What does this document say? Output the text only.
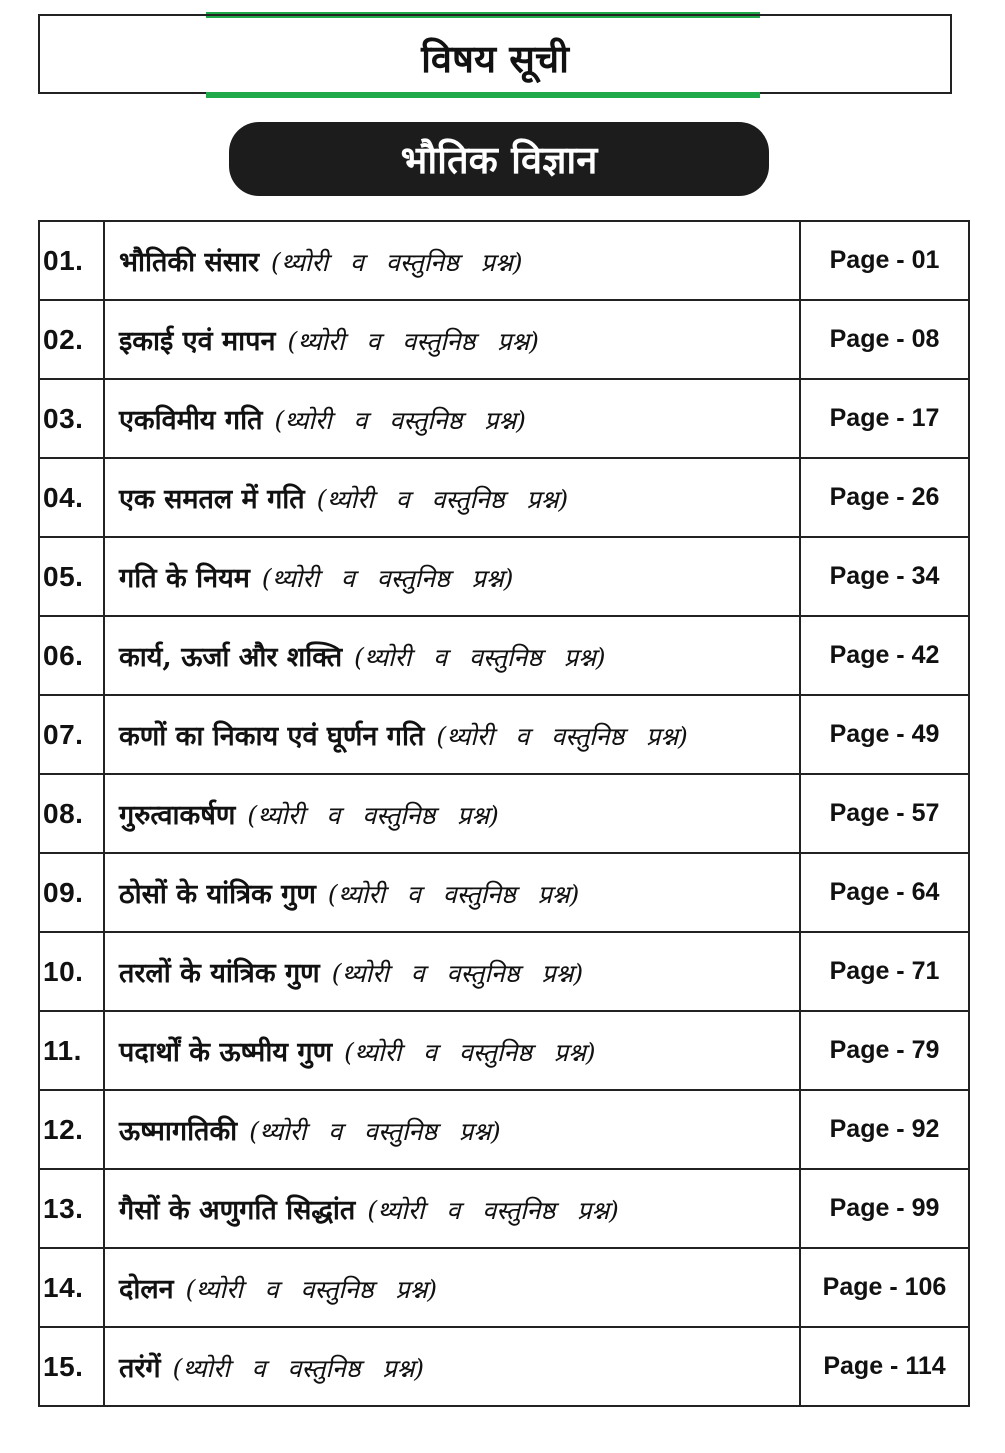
विषय सूची
भौतिक विज्ञान
01.	भौतिकी संसार (थ्योरी व वस्तुनिष्ठ प्रश्न)	Page - 01
02.	इकाई एवं मापन (थ्योरी व वस्तुनिष्ठ प्रश्न)	Page - 08
03.	एकविमीय गति (थ्योरी व वस्तुनिष्ठ प्रश्न)	Page - 17
04.	एक समतल में गति (थ्योरी व वस्तुनिष्ठ प्रश्न)	Page - 26
05.	गति के नियम (थ्योरी व वस्तुनिष्ठ प्रश्न)	Page - 34
06.	कार्य, ऊर्जा और शक्ति (थ्योरी व वस्तुनिष्ठ प्रश्न)	Page - 42
07.	कणों का निकाय एवं घूर्णन गति (थ्योरी व वस्तुनिष्ठ प्रश्न)	Page - 49
08.	गुरुत्वाकर्षण (थ्योरी व वस्तुनिष्ठ प्रश्न)	Page - 57
09.	ठोसों के यांत्रिक गुण (थ्योरी व वस्तुनिष्ठ प्रश्न)	Page - 64
10.	तरलों के यांत्रिक गुण (थ्योरी व वस्तुनिष्ठ प्रश्न)	Page - 71
11.	पदार्थों के ऊष्मीय गुण (थ्योरी व वस्तुनिष्ठ प्रश्न)	Page - 79
12.	ऊष्मागतिकी (थ्योरी व वस्तुनिष्ठ प्रश्न)	Page - 92
13.	गैसों के अणुगति सिद्धांत (थ्योरी व वस्तुनिष्ठ प्रश्न)	Page - 99
14.	दोलन (थ्योरी व वस्तुनिष्ठ प्रश्न)	Page - 106
15.	तरंगें (थ्योरी व वस्तुनिष्ठ प्रश्न)	Page - 114
